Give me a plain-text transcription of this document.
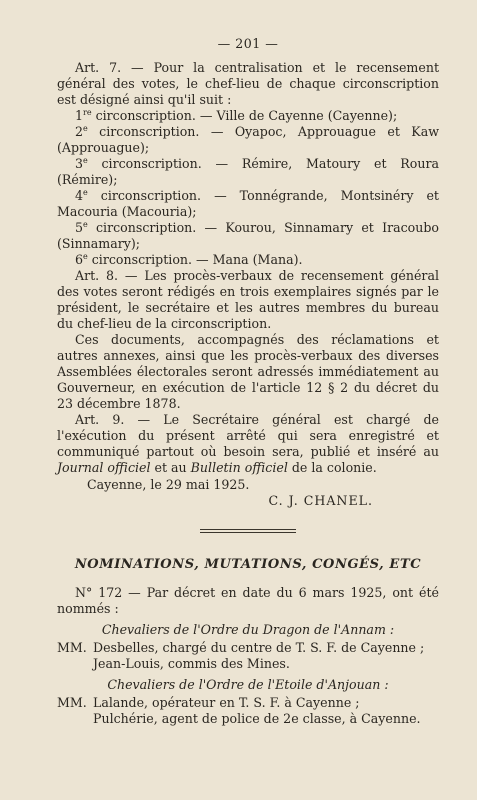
— 201 —

Art. 7. — Pour la centralisation et le recensement général des votes, le chef-lieu de chaque circonscription est désigné ainsi qu'il suit :

1re circonscription. — Ville de Cayenne (Cayenne);

2e circonscription. — Oyapoc, Approuague et Kaw (Approuague);

3e circonscription. — Rémire, Matoury et Roura (Rémire);

4e circonscription. — Tonnégrande, Montsinéry et Macouria (Macouria);

5e circonscription. — Kourou, Sinnamary et Iracoubo (Sinnamary);

6e circonscription. — Mana (Mana).

Art. 8. — Les procès-verbaux de recensement général des votes seront rédigés en trois exemplaires signés par le président, le secrétaire et les autres membres du bureau du chef-lieu de la circonscription.

Ces documents, accompagnés des réclamations et autres annexes, ainsi que les procès-verbaux des diverses Assemblées électorales seront adressés immédiatement au Gouverneur, en exécution de l'article 12 § 2 du décret du 23 décembre 1878.

Art. 9. — Le Secrétaire général est chargé de l'exécution du présent arrêté qui sera enregistré et communiqué partout où besoin sera, publié et inséré au Journal officiel et au Bulletin officiel de la colonie.

Cayenne, le 29 mai 1925.

C. J. CHANEL.

NOMINATIONS, MUTATIONS, CONGÉS, ETC

N° 172 — Par décret en date du 6 mars 1925, ont été nommés :

Chevaliers de l'Ordre du Dragon de l'Annam :
MM. Desbelles, chargé du centre de T. S. F. de Cayenne ;
Jean-Louis, commis des Mines.
Chevaliers de l'Ordre de l'Etoile d'Anjouan :
MM. Lalande, opérateur en T. S. F. à Cayenne ;
Pulchérie, agent de police de 2e classe, à Cayenne.
